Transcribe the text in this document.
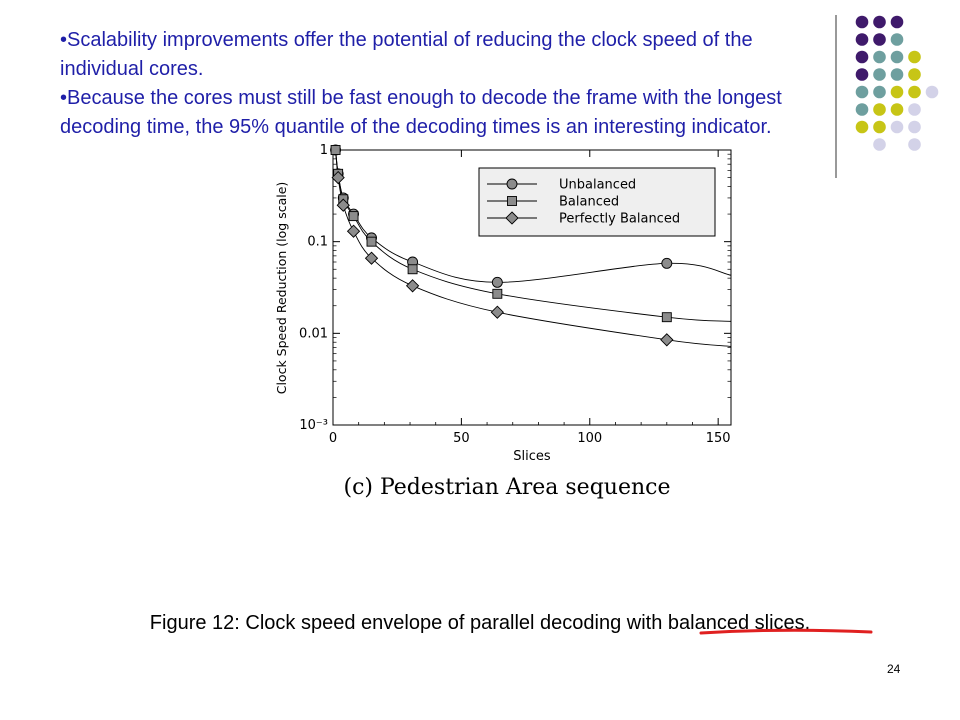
•Scalability improvements offer the potential of reducing the clock speed of the individual cores.
•Because the cores must still be fast enough to decode the frame with the longest decoding time, the 95% quantile of the decoding times is an interesting indicator.
0	50	100	150
1
0.1
0.01
10⁻³
Unbalanced
Balanced
Perfectly Balanced
Slices
Clock Speed Reduction (log scale)
(c) Pedestrian Area sequence
Figure 12: Clock speed envelope of parallel decoding with balanced slices.
24
